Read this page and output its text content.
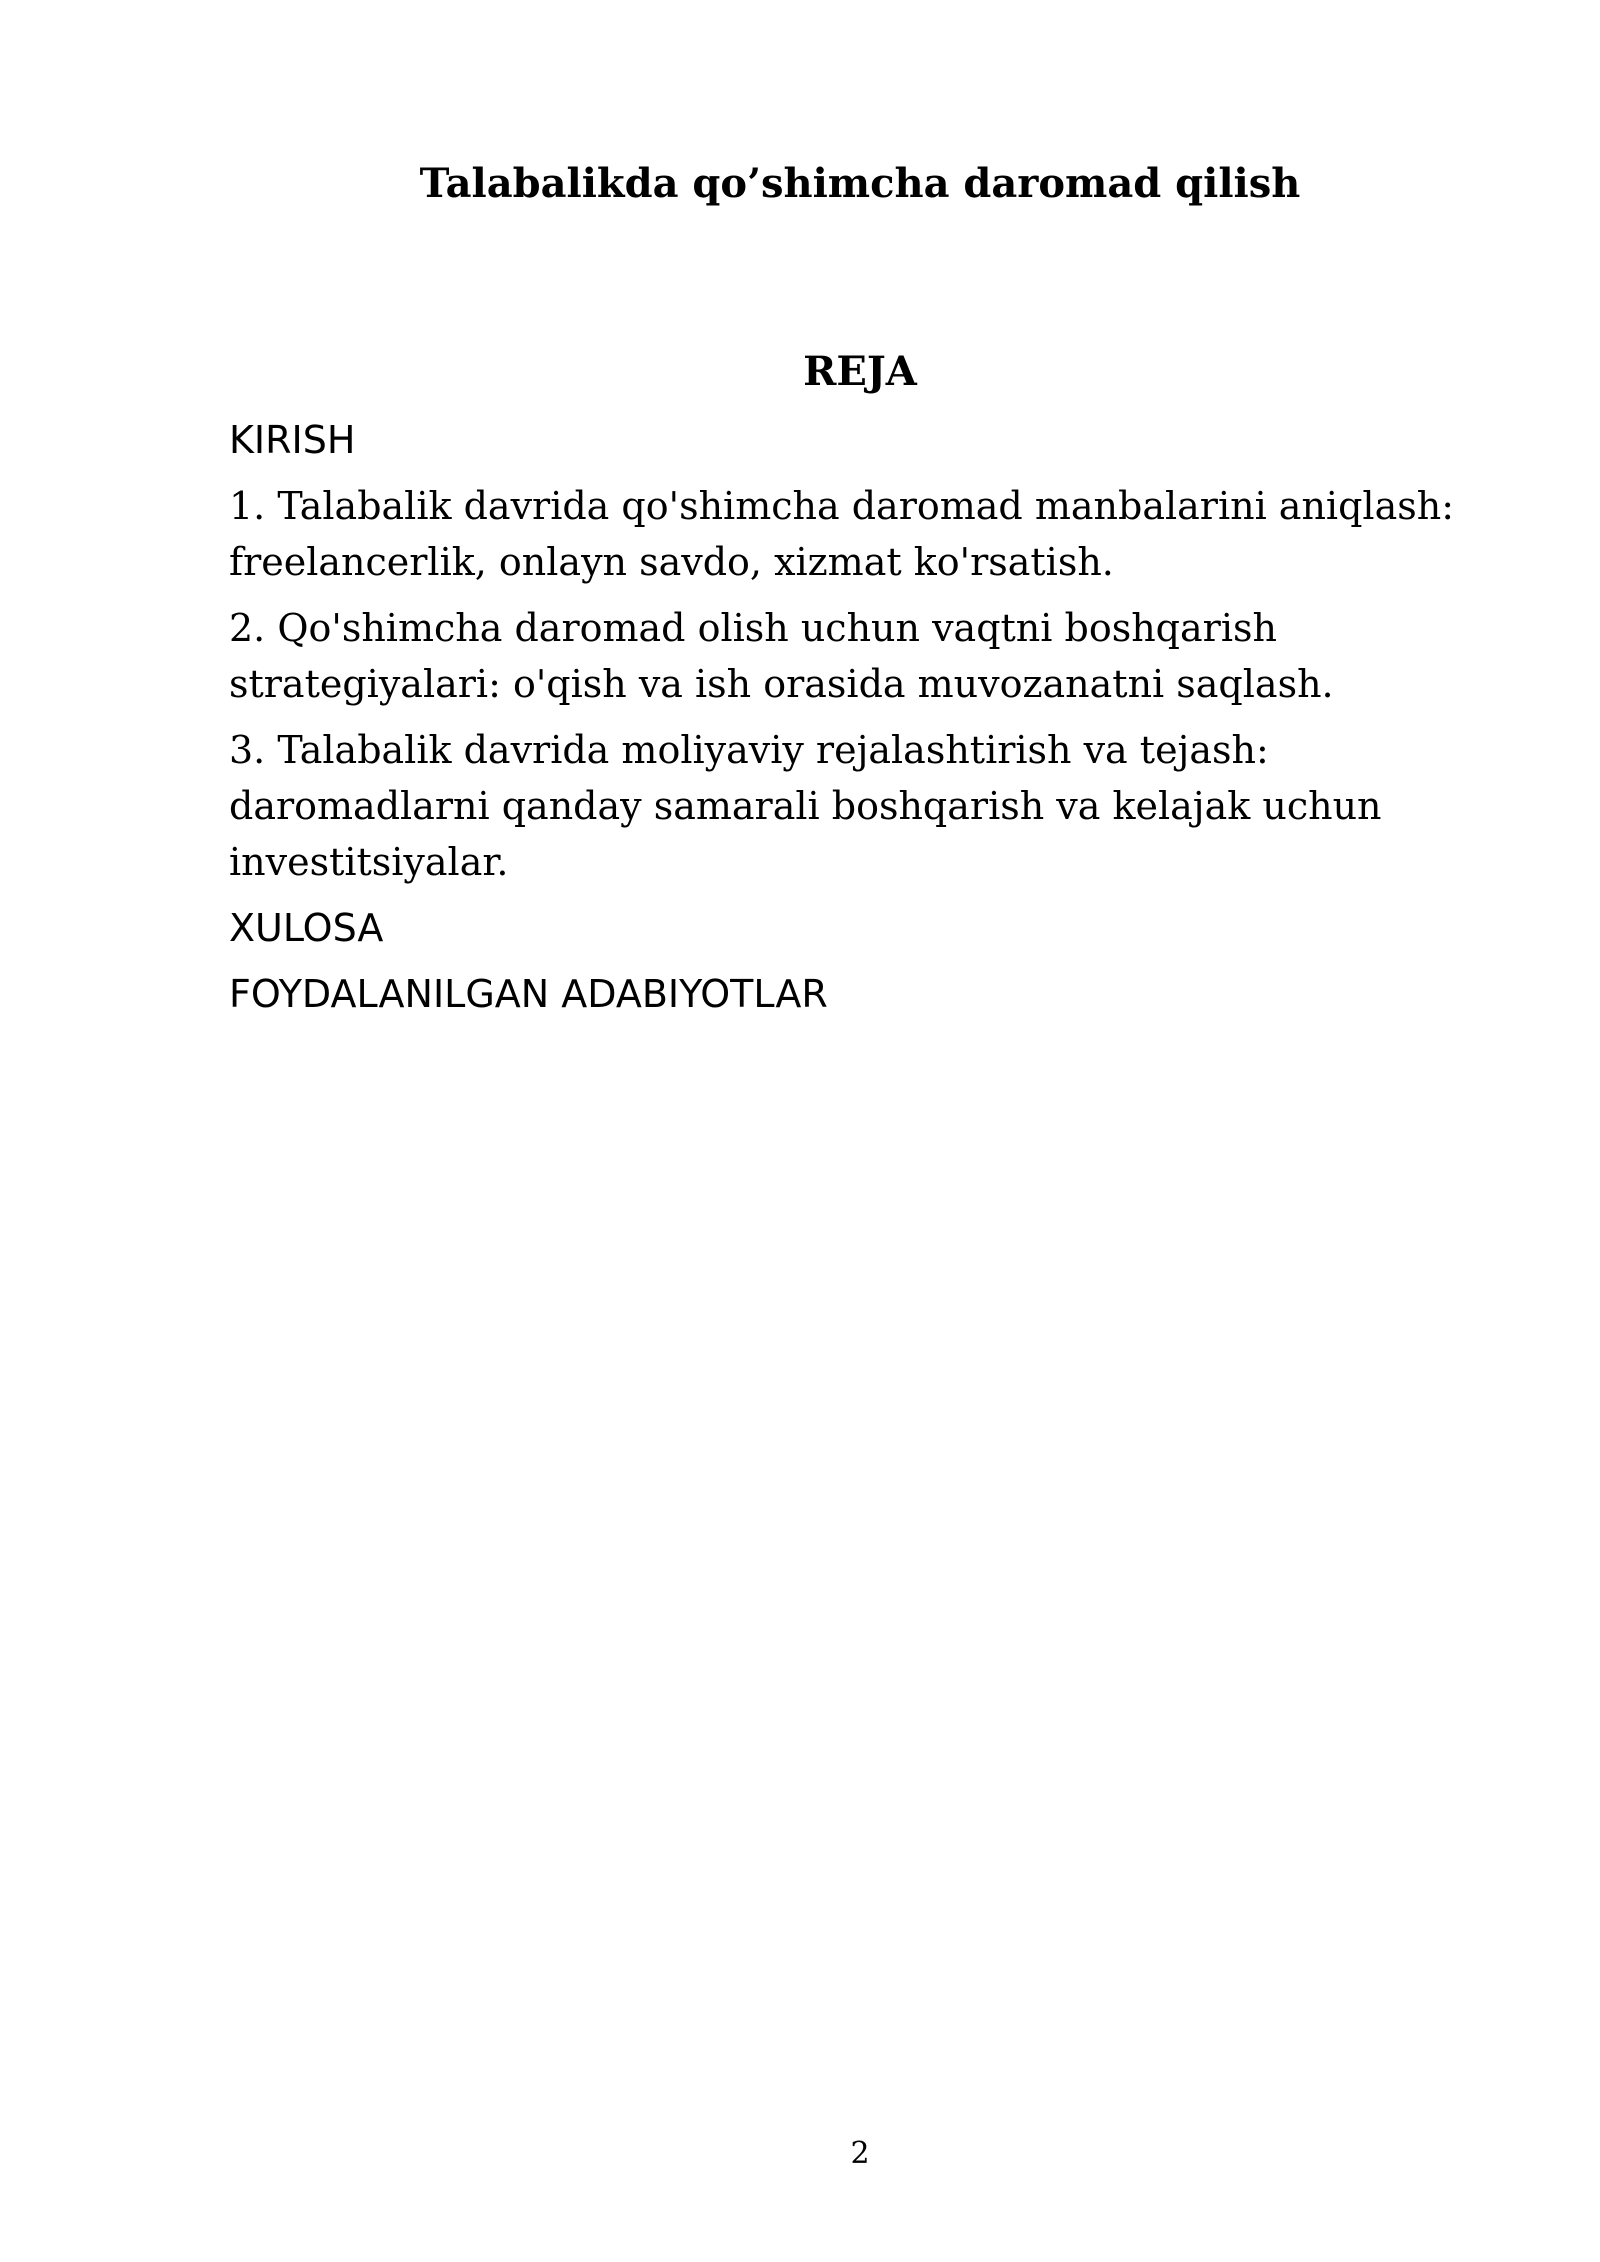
Talabalikda qo’shimcha daromad qilish
REJA
KIRISH
1. Talabalik davrida qo'shimcha daromad manbalarini aniqlash: freelancerlik, onlayn savdo, xizmat ko'rsatish.
2. Qo'shimcha daromad olish uchun vaqtni boshqarish strategiyalari: o'qish va ish orasida muvozanatni saqlash.
3. Talabalik davrida moliyaviy rejalashtirish va tejash: daromadlarni qanday samarali boshqarish va kelajak uchun investitsiyalar.
XULOSA
FOYDALANILGAN ADABIYOTLAR
2
